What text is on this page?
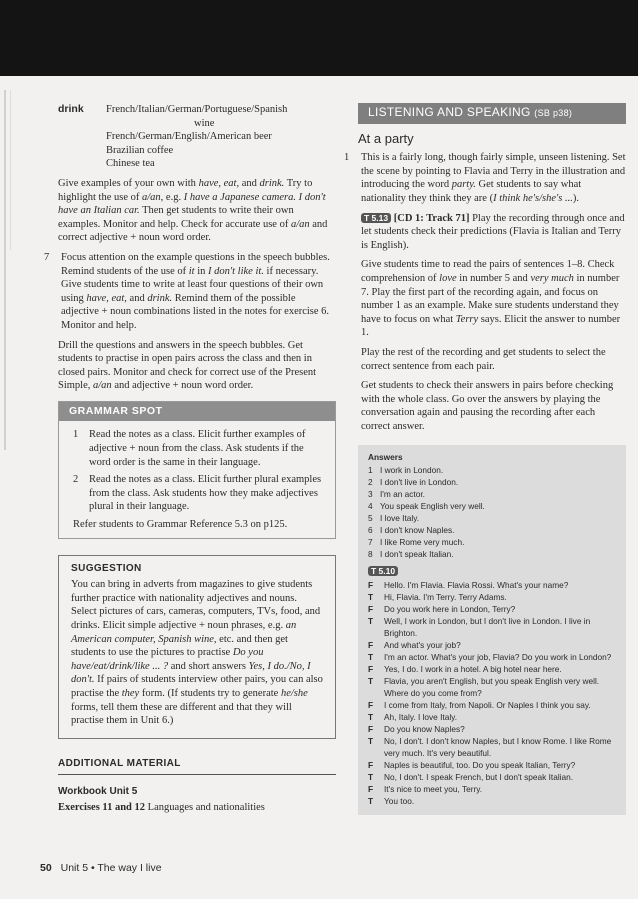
drink	French/Italian/German/Portuguese/Spanish
wine
French/German/English/American beer
Brazilian coffee
Chinese tea

Give examples of your own with have, eat, and drink. Try to highlight the use of a/an, e.g. I have a Japanese camera. I don't have an Italian car. Then get students to write their own examples. Monitor and help. Check for accurate use of a/an and correct adjective + noun word order.

7 Focus attention on the example questions in the speech bubbles. Remind students of the use of it in I don't like it. if necessary. Give students time to write at least four questions of their own using have, eat, and drink. Remind them of the possible adjective + noun combinations listed in the notes for exercise 6. Monitor and help.

Drill the questions and answers in the speech bubbles. Get students to practise in open pairs across the class and then in closed pairs. Monitor and check for correct use of the Present Simple, a/an and adjective + noun word order.

GRAMMAR SPOT
1 Read the notes as a class. Elicit further examples of adjective + noun from the class. Ask students if the word order is the same in their language.
2 Read the notes as a class. Elicit further plural examples from the class. Ask students how they make adjectives plural in their language.
Refer students to Grammar Reference 5.3 on p125.
SUGGESTION
You can bring in adverts from magazines to give students further practice with nationality adjectives and nouns. Select pictures of cars, cameras, computers, TVs, food, and drinks. Elicit simple adjective + noun phrases, e.g. an American computer, Spanish wine, etc. and then get students to use the pictures to practise Do you have/eat/drink/like ... ? and short answers Yes, I do./No, I don't. If pairs of students interview other pairs, you can also practise the they form. (If students try to generate he/she forms, tell them these are different and that they will practise them in Unit 6.)
ADDITIONAL MATERIAL
Workbook Unit 5
Exercises 11 and 12 Languages and nationalities
50 Unit 5 • The way I live
LISTENING AND SPEAKING (SB p38)
At a party
1 This is a fairly long, though fairly simple, unseen listening. Set the scene by pointing to Flavia and Terry in the illustration and introducing the word party. Get students to say what nationality they think they are (I think he's/she's ...).

T 5.13 [CD 1: Track 71] Play the recording through once and let students check their predictions (Flavia is Italian and Terry is English).

Give students time to read the pairs of sentences 1–8. Check comprehension of love in number 5 and very much in number 7. Play the first part of the recording again, and focus on number 1 as an example. Make sure students understand they have to focus on what Terry says. Elicit the answer to number 1.

Play the rest of the recording and get students to select the correct sentence from each pair.

Get students to check their answers in pairs before checking with the whole class. Go over the answers by playing the conversation again and pausing the recording after each correct answer.

Answers
1 I work in London.
2 I don't live in London.
3 I'm an actor.
4 You speak English very well.
5 I love Italy.
6 I don't know Naples.
7 I like Rome very much.
8 I don't speak Italian.
T 5.10
F Hello. I'm Flavia. Flavia Rossi. What's your name?
T Hi, Flavia. I'm Terry. Terry Adams.
F Do you work here in London, Terry?
T Well, I work in London, but I don't live in London. I live in Brighton.
F And what's your job?
T I'm an actor. What's your job, Flavia? Do you work in London?
F Yes, I do. I work in a hotel. A big hotel near here.
T Flavia, you aren't English, but you speak English very well. Where do you come from?
F I come from Italy, from Napoli. Or Naples I think you say.
T Ah, Italy. I love Italy.
F Do you know Naples?
T No, I don't. I don't know Naples, but I know Rome. I like Rome very much. It's very beautiful.
F Naples is beautiful, too. Do you speak Italian, Terry?
T No, I don't. I speak French, but I don't speak Italian.
F It's nice to meet you, Terry.
T You too.
